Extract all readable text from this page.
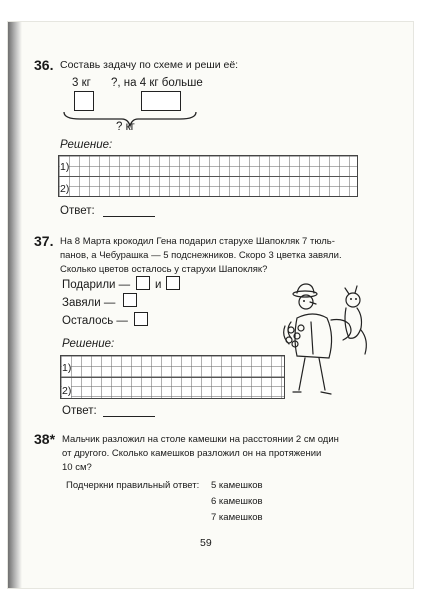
36. Составь задачу по схеме и реши её:
3 кг ?, на 4 кг больше
? кг
Решение:
1)
2)
Ответ:
37. На 8 Марта крокодил Гена подарил старухе Шапокляк 7 тюль-
панов, а Чебурашка — 5 подснежников. Скоро 3 цветка завяли.
Сколько цветов осталось у старухи Шапокляк?
Подарили — и
Завяли —
Осталось —
Решение:
1)
2)
Ответ:
38* Мальчик разложил на столе камешки на расстоянии 2 см один
от другого. Сколько камешков разложил он на протяжении
10 см?
Подчеркни правильный ответ: 5 камешков
6 камешков
7 камешков
59
